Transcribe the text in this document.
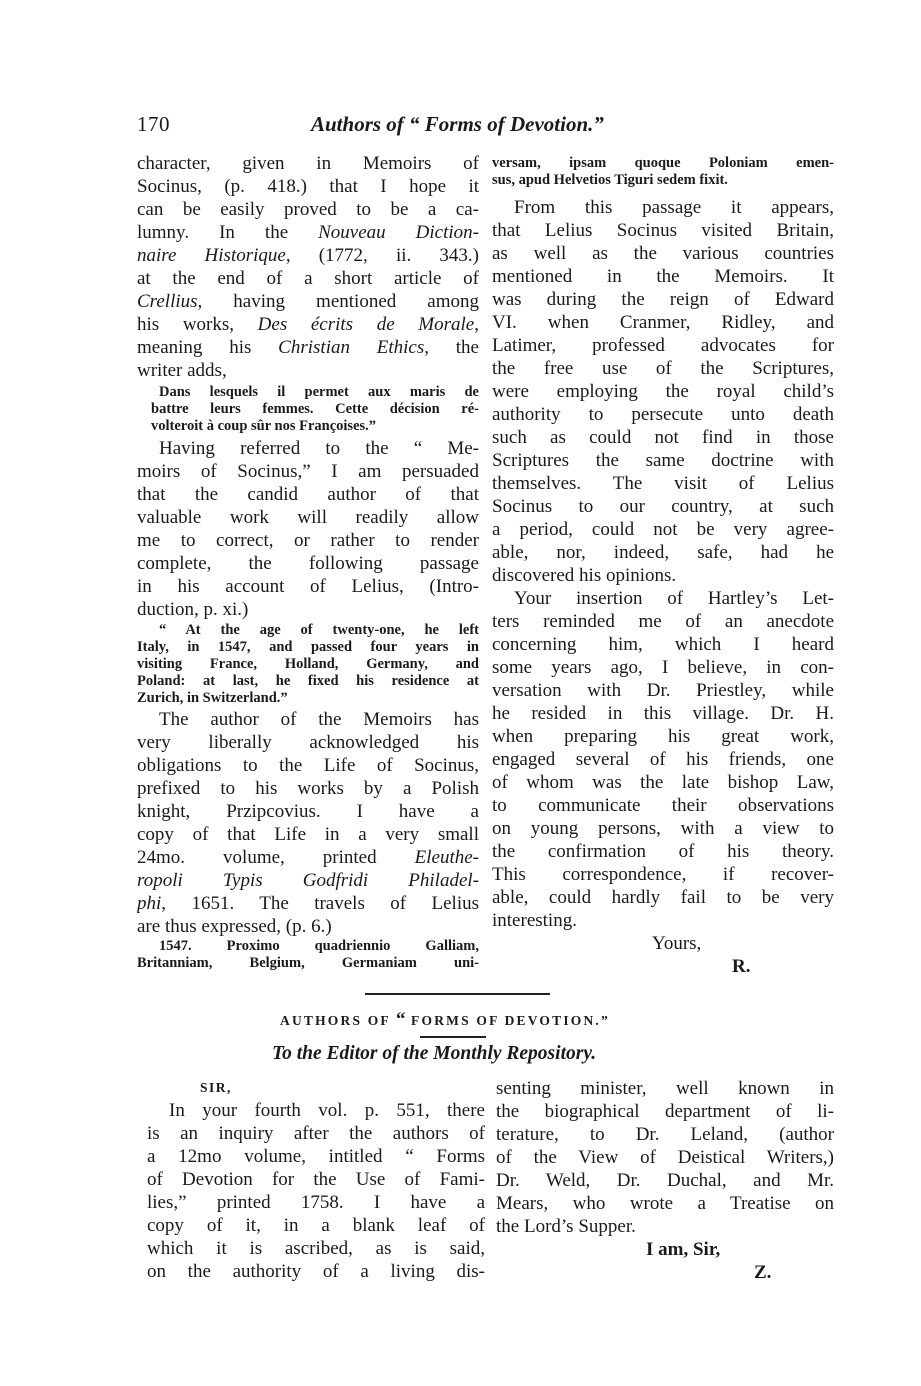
170	Authors of “ Forms of Devotion.”
character, given in Memoirs of
Socinus, (p. 418.) that I hope it
can be easily proved to be a ca-
lumny. In the Nouveau Diction-
naire Historique, (1772, ii. 343.)
at the end of a short article of
Crellius, having mentioned among
his works, Des écrits de Morale,
meaning his Christian Ethics, the
writer adds,
Dans lesquels il permet aux maris de
battre leurs femmes. Cette décision ré-
volteroit à coup sûr nos Françoises.”
Having referred to the “ Me-
moirs of Socinus,” I am persuaded
that the candid author of that
valuable work will readily allow
me to correct, or rather to render
complete, the following passage
in his account of Lelius, (Intro-
duction, p. xi.)
“ At the age of twenty-one, he left
Italy, in 1547, and passed four years in
visiting France, Holland, Germany, and
Poland: at last, he fixed his residence at
Zurich, in Switzerland.”
The author of the Memoirs has
very liberally acknowledged his
obligations to the Life of Socinus,
prefixed to his works by a Polish
knight, Przipcovius. I have a
copy of that Life in a very small
24mo. volume, printed Eleuthe-
ropoli Typis Godfridi Philadel-
phi, 1651. The travels of Lelius
are thus expressed, (p. 6.)
1547. Proximo quadriennio Galliam,
Britanniam, Belgium, Germaniam uni-
versam, ipsam quoque Poloniam emen-
sus, apud Helvetios Tiguri sedem fixit.
From this passage it appears,
that Lelius Socinus visited Britain,
as well as the various countries
mentioned in the Memoirs. It
was during the reign of Edward
VI. when Cranmer, Ridley, and
Latimer, professed advocates for
the free use of the Scriptures,
were employing the royal child’s
authority to persecute unto death
such as could not find in those
Scriptures the same doctrine with
themselves. The visit of Lelius
Socinus to our country, at such
a period, could not be very agree-
able, nor, indeed, safe, had he
discovered his opinions.
Your insertion of Hartley’s Let-
ters reminded me of an anecdote
concerning him, which I heard
some years ago, I believe, in con-
versation with Dr. Priestley, while
he resided in this village. Dr. H.
when preparing his great work,
engaged several of his friends, one
of whom was the late bishop Law,
to communicate their observations
on young persons, with a view to
the confirmation of his theory.
This correspondence, if recover-
able, could hardly fail to be very
interesting.
Yours,
R.
AUTHORS OF “ FORMS OF DEVOTION.”
To the Editor of the Monthly Repository.
SIR,
In your fourth vol. p. 551, there
is an inquiry after the authors of
a 12mo volume, intitled “ Forms
of Devotion for the Use of Fami-
lies,” printed 1758. I have a
copy of it, in a blank leaf of
which it is ascribed, as is said,
on the authority of a living dis-
senting minister, well known in
the biographical department of li-
terature, to Dr. Leland, (author
of the View of Deistical Writers,)
Dr. Weld, Dr. Duchal, and Mr.
Mears, who wrote a Treatise on
the Lord’s Supper.
I am, Sir,
Z.
